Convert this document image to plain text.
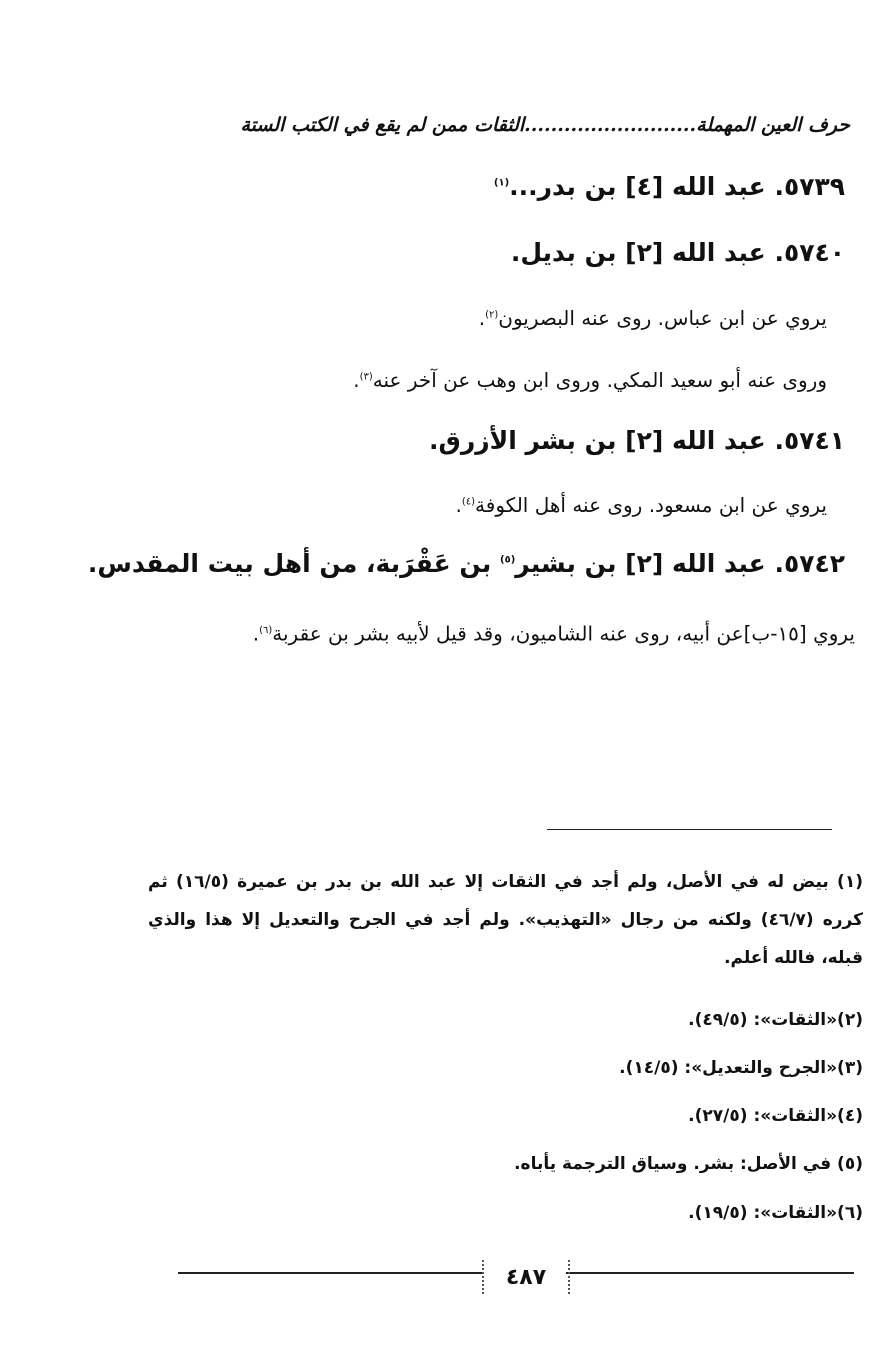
حرف العين المهملة..........................الثقات ممن لم يقع في الكتب الستة
٥٧٣٩. عبد الله [٤] بن بدر...$^{(١)}$
٥٧٤٠. عبد الله [٢] بن بديل.
يروي عن ابن عباس. روى عنه البصريون$^{(٢)}$.
وروى عنه أبو سعيد المكي. وروى ابن وهب عن آخر عنه$^{(٣)}$.
٥٧٤١. عبد الله [٢] بن بشر الأزرق.
يروي عن ابن مسعود. روى عنه أهل الكوفة$^{(٤)}$.
٥٧٤٢. عبد الله [٢] بن بشير$^{(٥)}$ بن عَقْرَبة، من أهل بيت المقدس.
يروي [١٥-ب]عن أبيه، روى عنه الشاميون، وقد قيل لأبيه بشر بن عقربة$^{(٦)}$.
(١) بيض له في الأصل، ولم أجد في الثقات إلا عبد الله بن بدر بن عميرة (١٦/٥) ثم كرره (٤٦/٧) ولكنه من رجال «التهذيب». ولم أجد في الجرح والتعديل إلا هذا والذي قبله، فالله أعلم.
(٢)«الثقات»: (٤٩/٥).
(٣)«الجرح والتعديل»: (١٤/٥).
(٤)«الثقات»: (٢٧/٥).
(٥) في الأصل: بشر. وسياق الترجمة يأباه.
(٦)«الثقات»: (١٩/٥).
٤٨٧
